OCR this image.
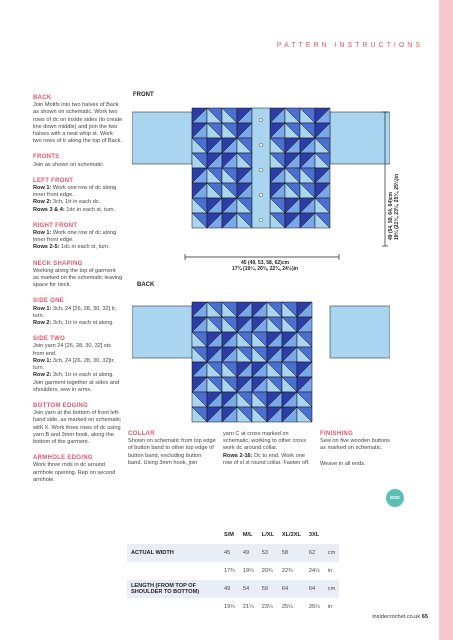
PATTERN INSTRUCTIONS
BACK

Join Motifs into two halves of Back as shown on schematic. Work two rows of dc on inside sides (to create line down middle) and join the two halves with a neat whip st. Work two rows of tr along the top of Back.

FRONTS

Join as shown on schematic.

LEFT FRONT

Row 1: Work one row of dc along inner front edge.
Row 2: 3ch, 1tr in each dc.
Rows 3 & 4: 1dc in each st, turn.

RIGHT FRONT

Row 1: Work one row of dc along inner front edge.
Rows 2-5: 1dc in each st, turn.

NECK SHAPING

Working along the top of garment as marked on the schematic leaving space for neck.

SIDE ONE

Row 1: 3ch, 24 [26, 28, 30, 32] tr, turn.
Row 2: 3ch, 1tr in each st along.

SIDE TWO

Join yarn 24 [26, 28, 30, 32] sts from end.
Row 1: 3ch, 24 [26, 28, 30, 32]tr, turn.
Row 2: 3ch, 1tr in each st along. Join garment together at sides and shoulders, sew in arms.

BOTTOM EDGING

Join yarn at the bottom of front left-hand side, as marked on schematic with X. Work three rows of dc using yarn B and 3mm hook, along the bottom of the garment.

ARMHOLE EDGING

Work three rnds in dc around armhole opening. Rep on second armhole.

FRONT
49 (54, 59, 64, 64)cm 19¼ (21¼, 23¼, 25¼, 25¼)in
45 (49, 53, 58, 62)cm
17¾ (19¼, 20¾, 22¾, 24½)in
BACK
COLLAR
Shown on schematic from top edge of button band to other top edge of button band, excluding button band. Using 3mm hook, join
yarn C at cross marked on schematic, working to other cross work dc around collar.
Rows 2-16: Dc to end. Work one row of sl st round collar. Fasten off.
FINISHING
Sew on five wooden buttons as marked on schematic.
Weave in all ends.
END
	S/M	M/L	L/XL	XL/2XL	3XL	
ACTUAL WIDTH	45	49	53	58	62	cm
	17¾	19¼	20¾	22¾	24½	in
LENGTH (FROM TOP OF SHOULDER TO BOTTOM)	49	54	59	64	64	cm
	19¼	21¼	23¼	25¼	25¼	in
insidecrochet.co.uk 65
